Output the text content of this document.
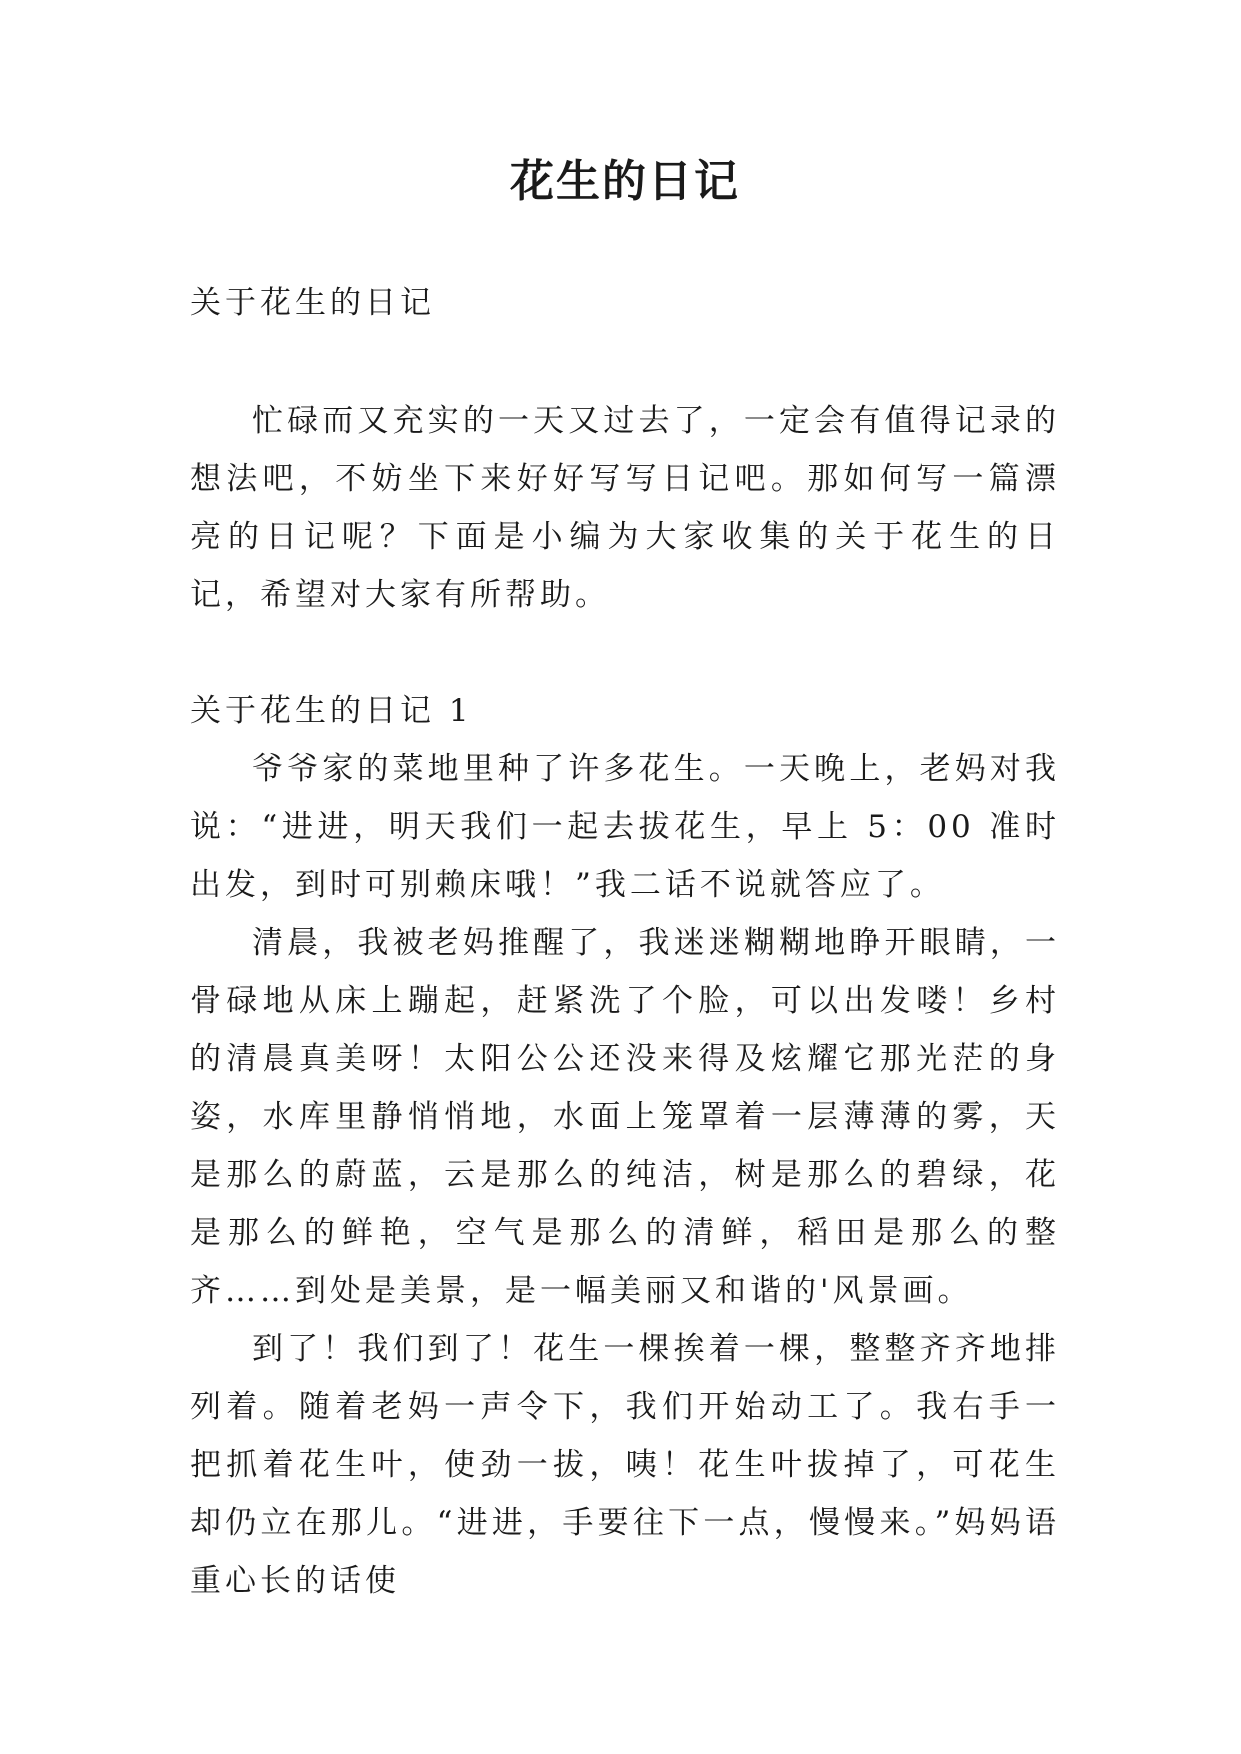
花生的日记

关于花生的日记

忙碌而又充实的一天又过去了，一定会有值得记录的想法吧，不妨坐下来好好写写日记吧。那如何写一篇漂亮的日记呢？下面是小编为大家收集的关于花生的日记，希望对大家有所帮助。

关于花生的日记 1

爷爷家的菜地里种了许多花生。一天晚上，老妈对我说：“进进，明天我们一起去拔花生，早上 5：00 准时出发，到时可别赖床哦！”我二话不说就答应了。

清晨，我被老妈推醒了，我迷迷糊糊地睁开眼睛，一骨碌地从床上蹦起，赶紧洗了个脸，可以出发喽！乡村的清晨真美呀！太阳公公还没来得及炫耀它那光茫的身姿，水库里静悄悄地，水面上笼罩着一层薄薄的雾，天是那么的蔚蓝，云是那么的纯洁，树是那么的碧绿，花是那么的鲜艳，空气是那么的清鲜，稻田是那么的整齐……到处是美景，是一幅美丽又和谐的'风景画。

到了！我们到了！花生一棵挨着一棵，整整齐齐地排列着。随着老妈一声令下，我们开始动工了。我右手一把抓着花生叶，使劲一拔，咦！花生叶拔掉了，可花生却仍立在那儿。“进进，手要往下一点，慢慢来。”妈妈语重心长的话使
